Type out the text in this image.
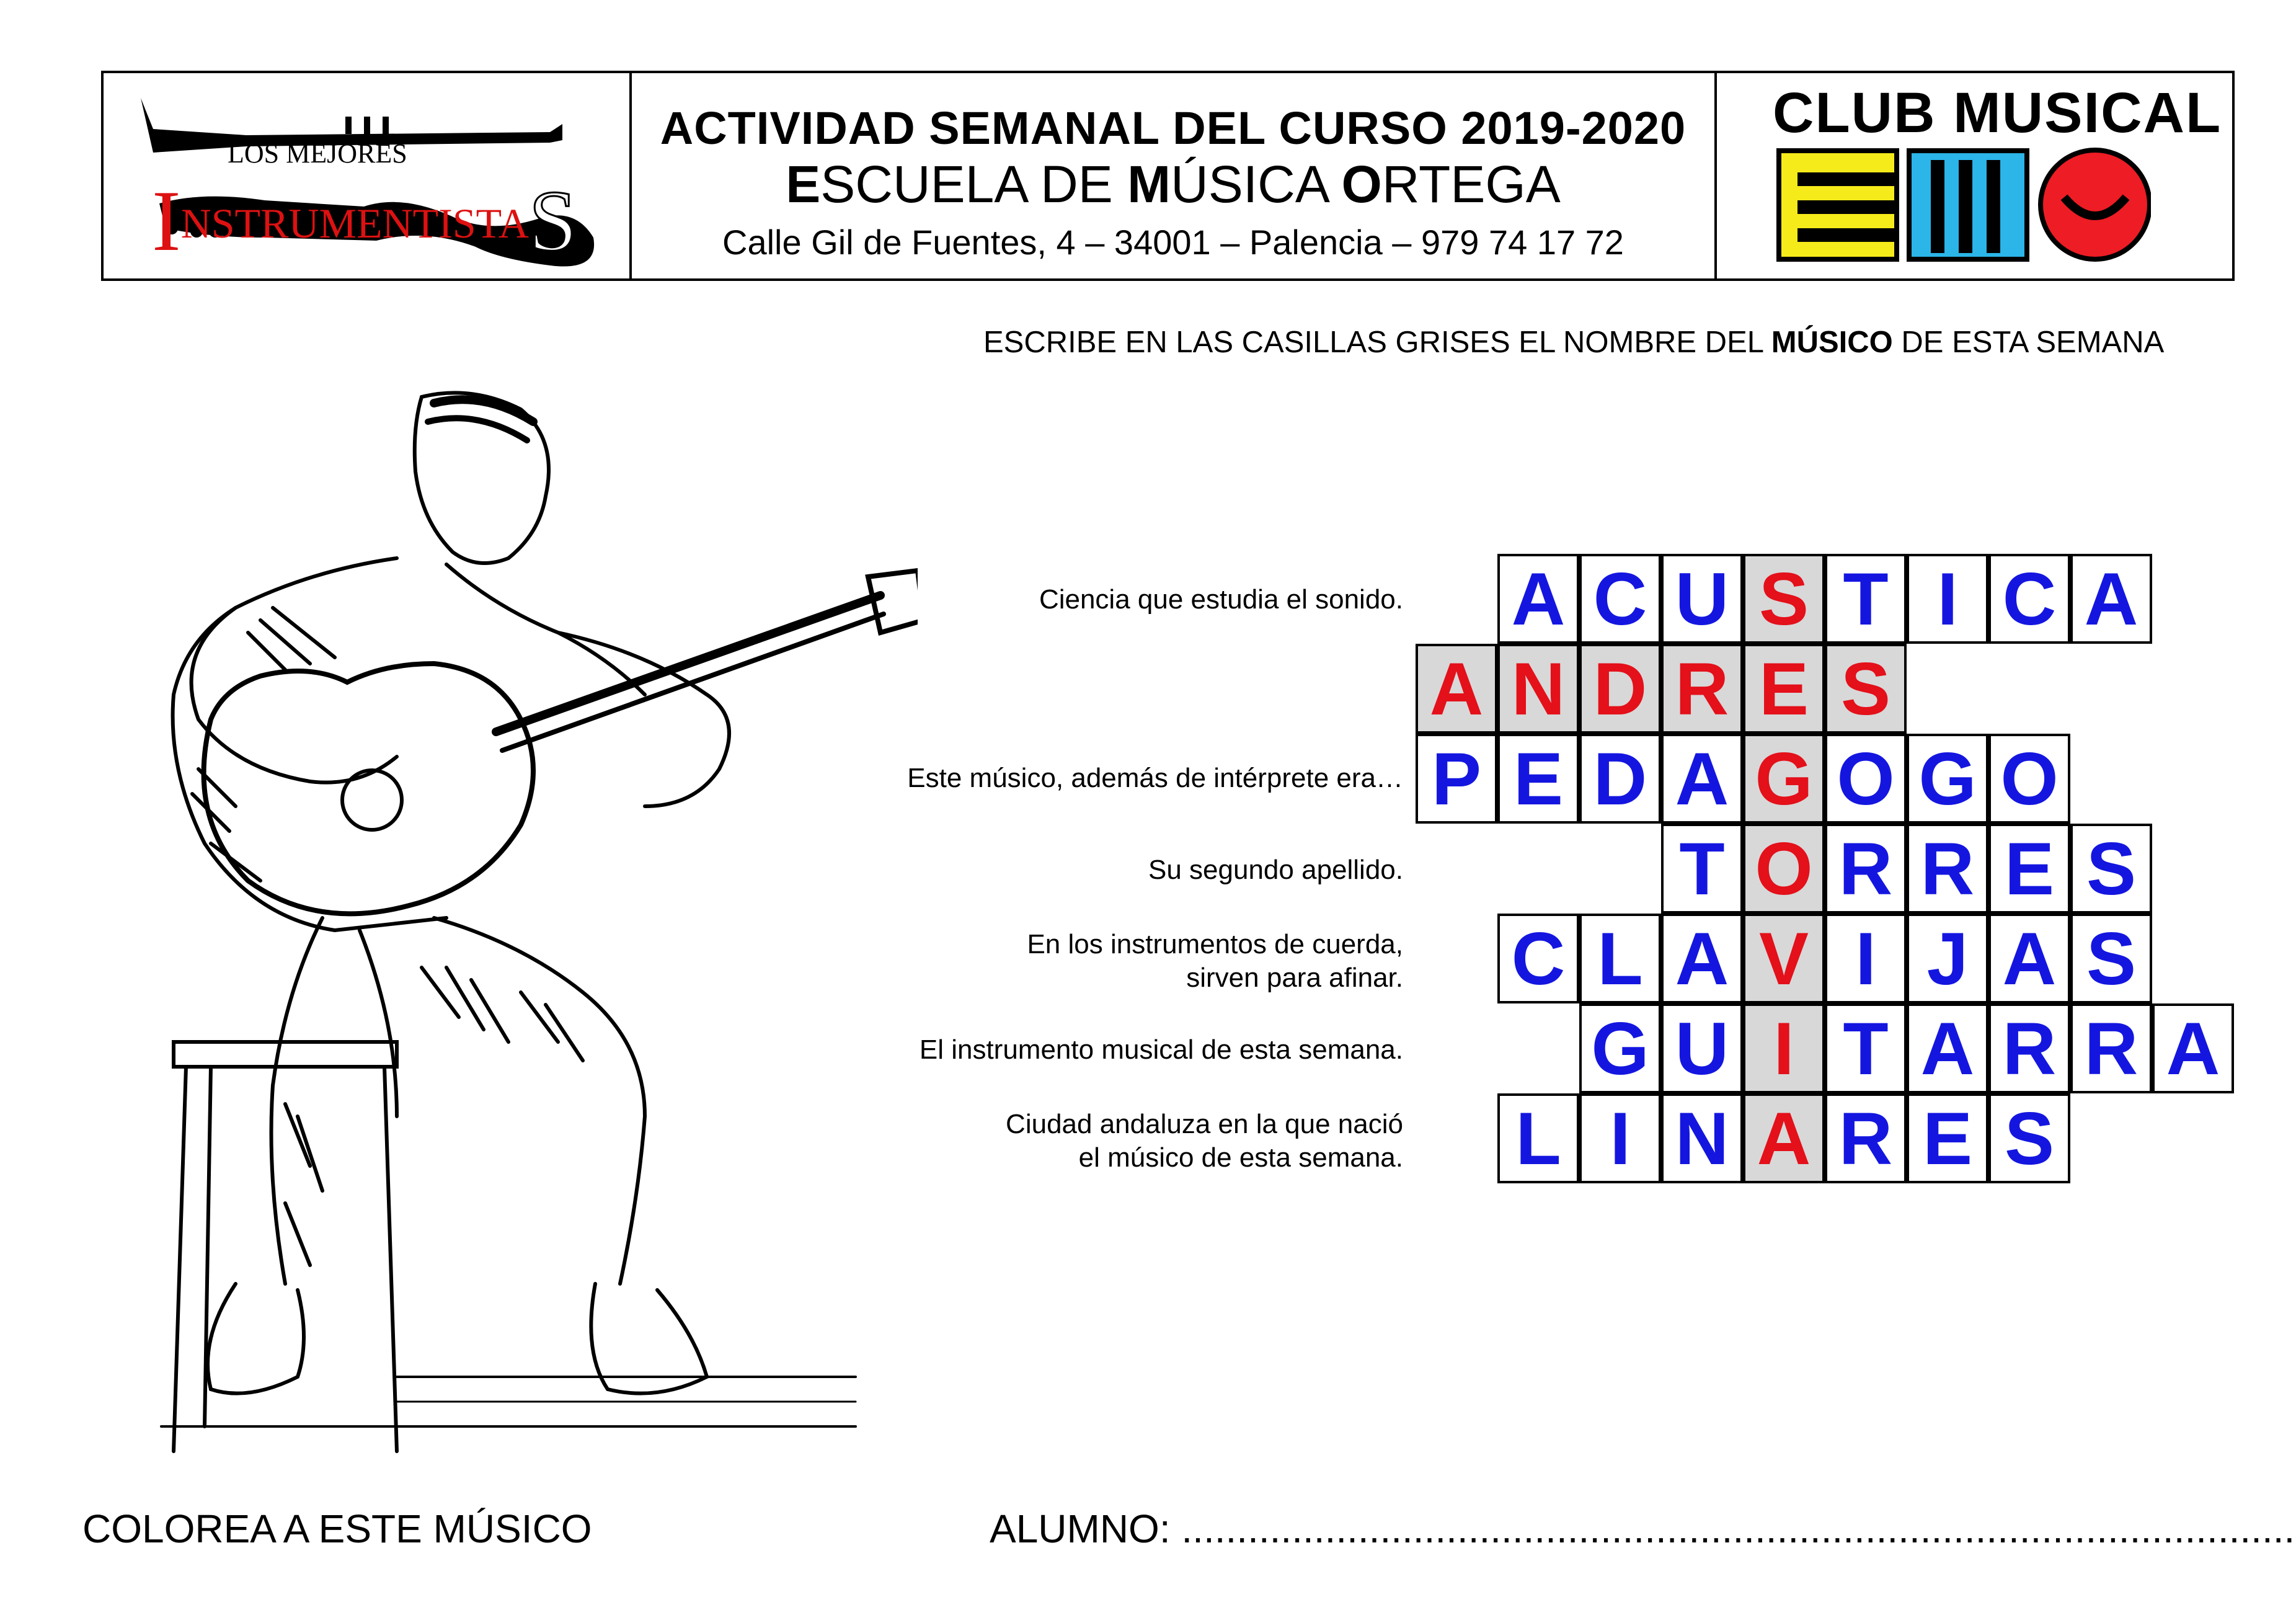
LOS MEJORES
INSTRUMENTISTAS
ACTIVIDAD SEMANAL DEL CURSO 2019-2020
ESCUELA DE MÚSICA ORTEGA
Calle Gil de Fuentes, 4 – 34001 – Palencia – 979 74 17 72
CLUB MUSICAL
ESCRIBE EN LAS CASILLAS GRISES EL NOMBRE DEL MÚSICO DE ESTA SEMANA
Ciencia que estudia el sonido.
Este músico, además de intérprete era…
Su segundo apellido.
En los instrumentos de cuerda,
sirven para afinar.
El instrumento musical de esta semana.
Ciudad andaluza en la que nació
el músico de esta semana.
A C U S T I C A
A N D R E S
P E D A G O G O
T O R R E S
C L A V I J A S
G U I T A R R A
L I N A R E S
COLOREA A ESTE MÚSICO	ALUMNO: .....................................................................................................
